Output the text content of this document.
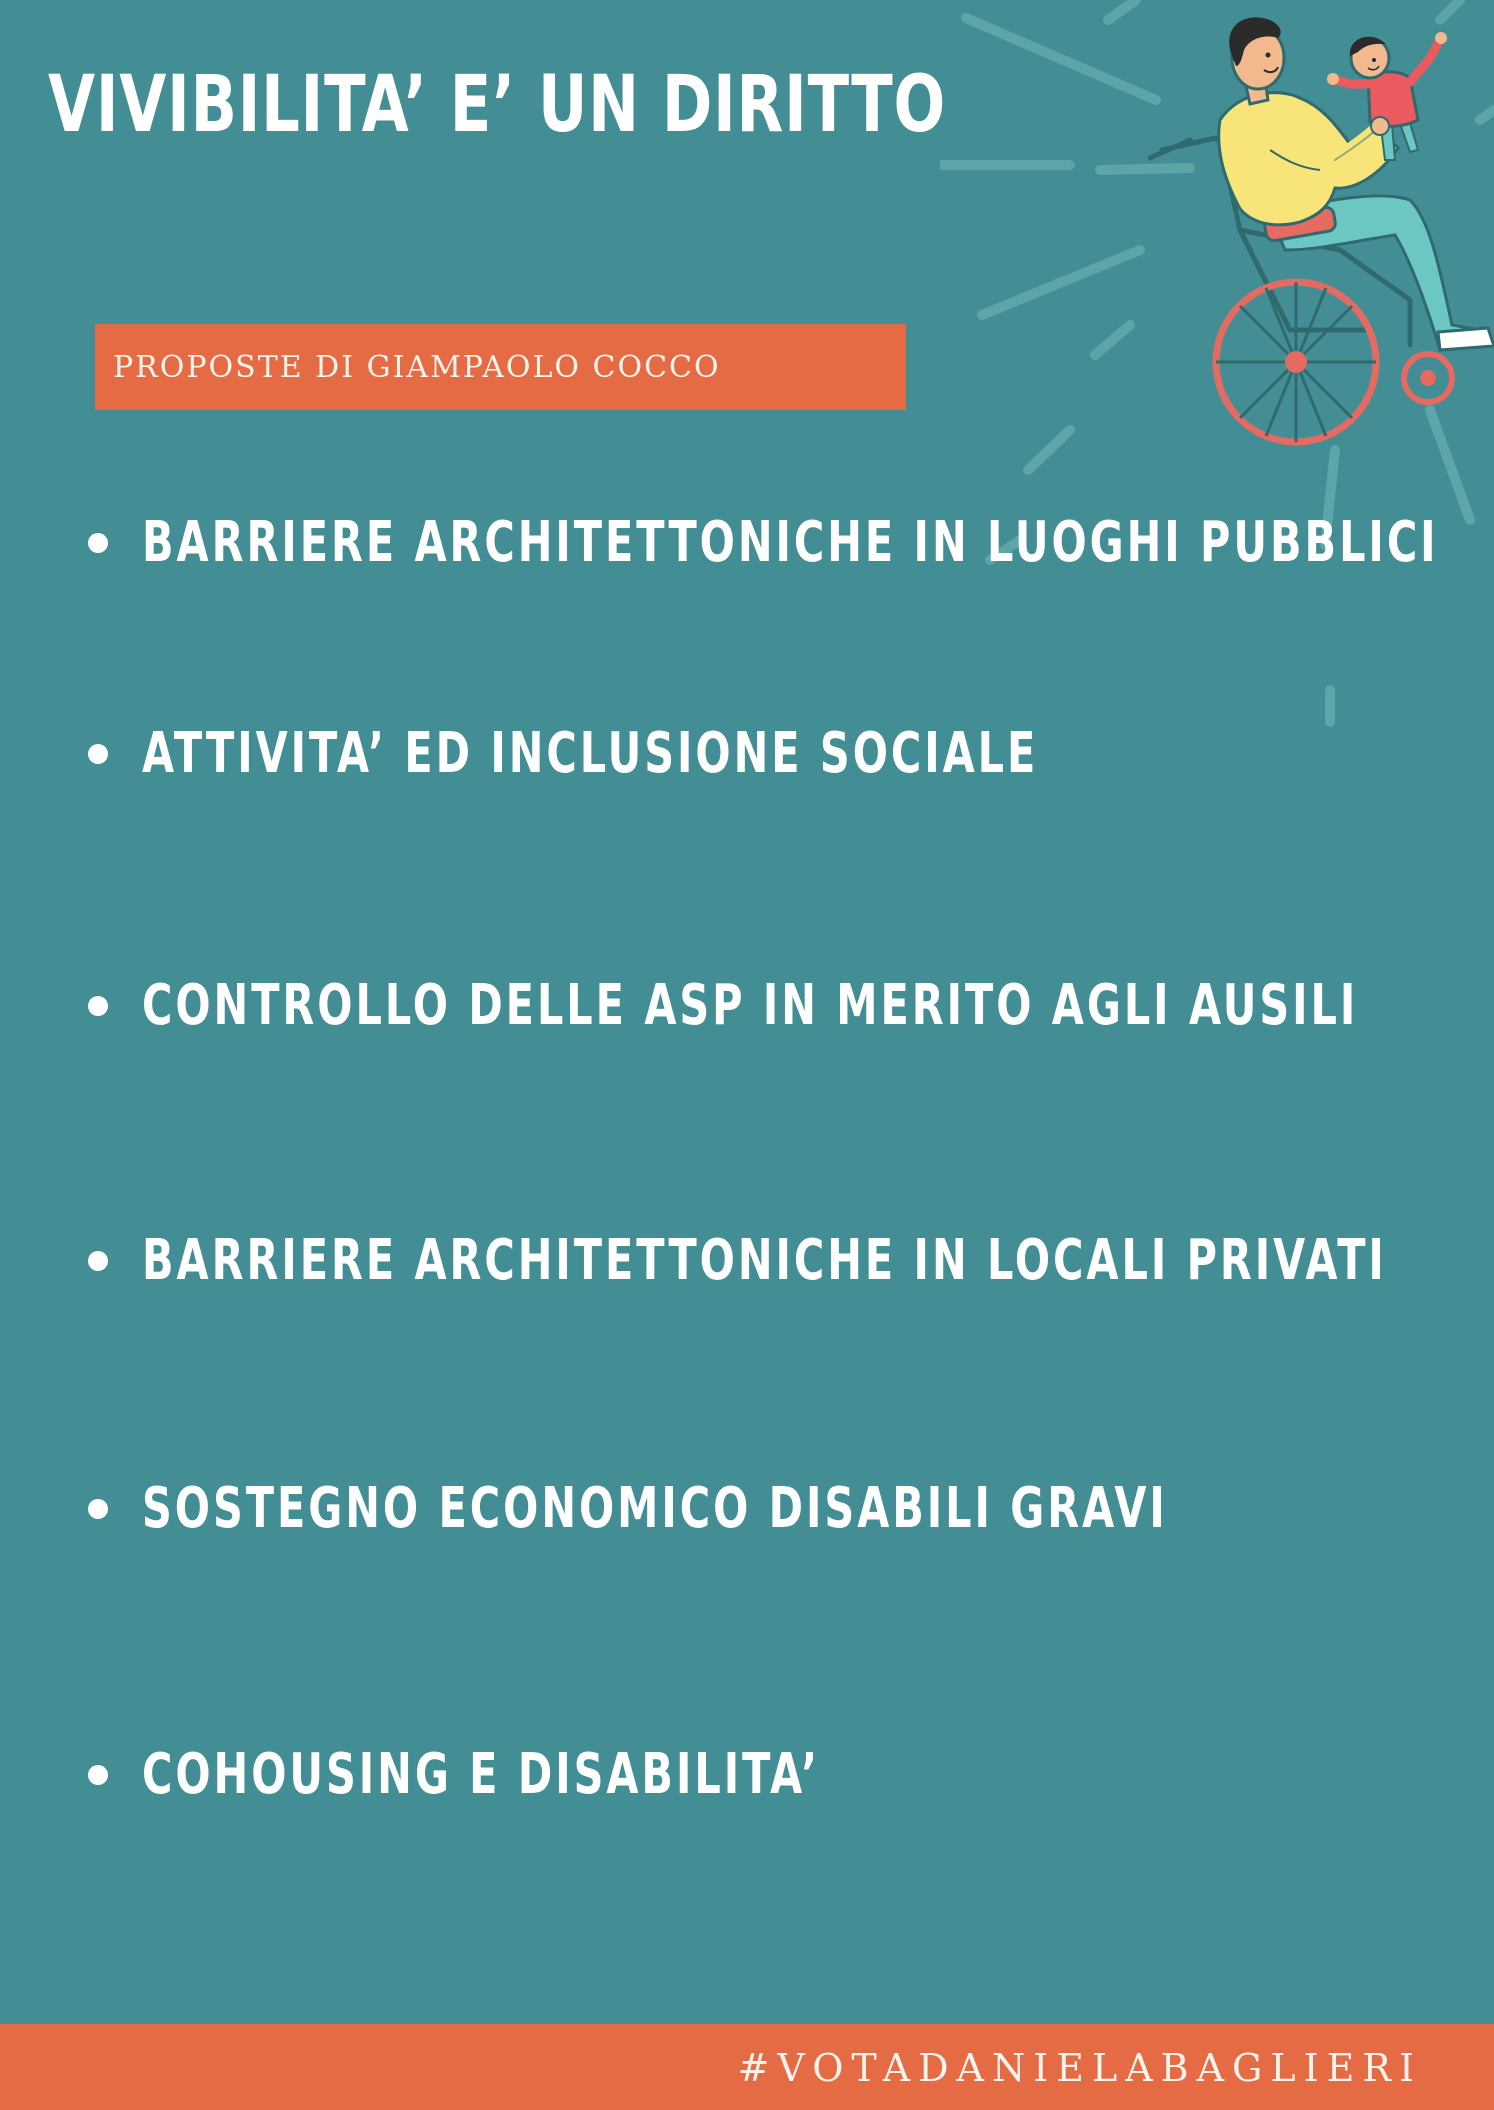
VIVIBILITA’ E’ UN DIRITTO
PROPOSTE DI GIAMPAOLO COCCO
BARRIERE ARCHITETTONICHE IN LUOGHI PUBBLICI
ATTIVITA’ ED INCLUSIONE SOCIALE
CONTROLLO DELLE ASP IN MERITO AGLI AUSILI
BARRIERE ARCHITETTONICHE IN LOCALI PRIVATI
SOSTEGNO ECONOMICO DISABILI GRAVI
COHOUSING E DISABILITA’
#VOTADANIELABAGLIERI
